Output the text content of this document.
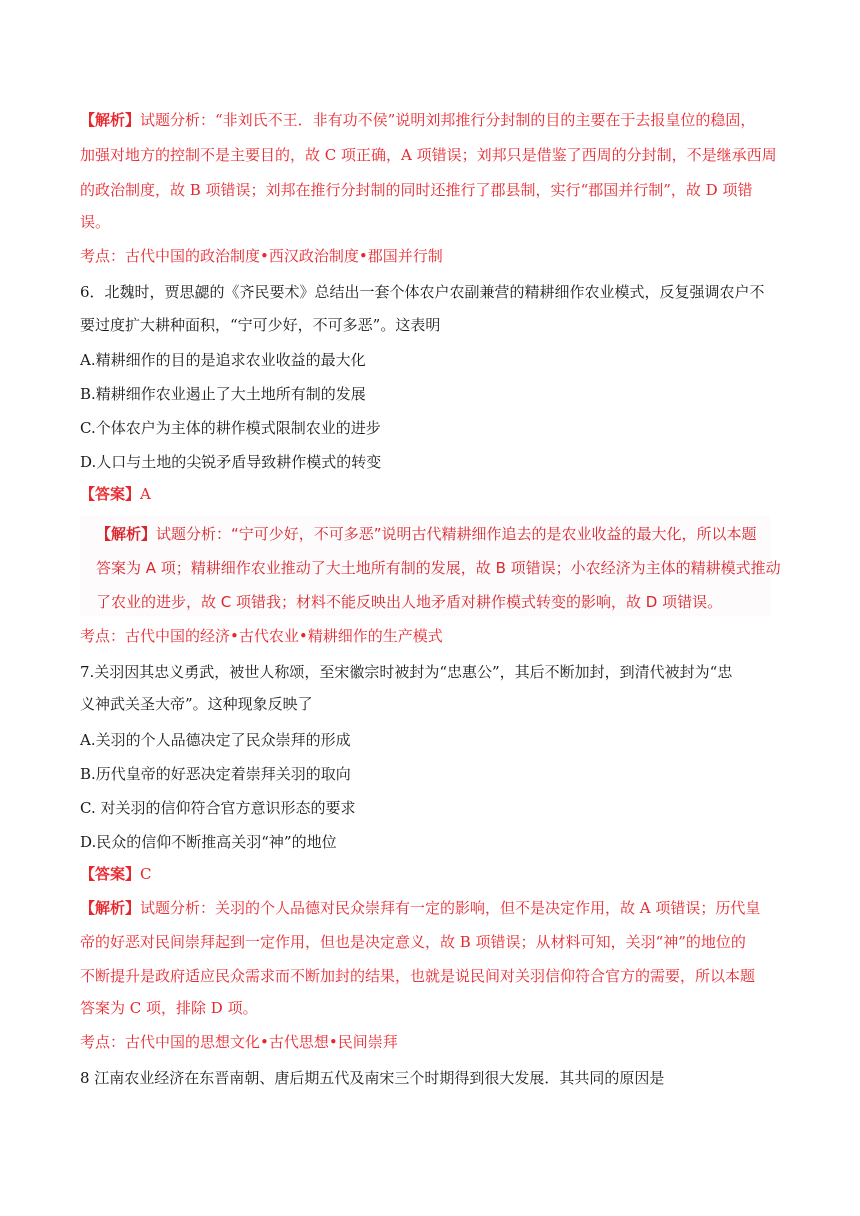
【解析】试题分析：“非刘氏不王．非有功不侯”说明刘邦推行分封制的目的主要在于去报皇位的稳固，
加强对地方的控制不是主要目的，故 C 项正确，A 项错误；刘邦只是借鉴了西周的分封制，不是继承西周
的政治制度，故 B 项错误；刘邦在推行分封制的同时还推行了郡县制，实行“郡国并行制”，故 D 项错
误。
考点：古代中国的政治制度•西汉政治制度•郡国并行制
6．北魏时，贾思勰的《齐民要术》总结出一套个体农户农副兼营的精耕细作农业模式，反复强调农户不
要过度扩大耕种面积，“宁可少好，不可多恶”。这表明
A.精耕细作的目的是追求农业收益的最大化
B.精耕细作农业遏止了大土地所有制的发展
C.个体农户为主体的耕作模式限制农业的进步
D.人口与土地的尖锐矛盾导致耕作模式的转变
【答案】A
【解析】试题分析：“宁可少好，不可多恶”说明古代精耕细作追去的是农业收益的最大化，所以本题
答案为 A 项；精耕细作农业推动了大土地所有制的发展，故 B 项错误；小农经济为主体的精耕模式推动
了农业的进步，故 C 项错我；材料不能反映出人地矛盾对耕作模式转变的影响，故 D 项错误。
考点：古代中国的经济•古代农业•精耕细作的生产模式
7.关羽因其忠义勇武，被世人称颂，至宋徽宗时被封为“忠惠公”，其后不断加封，到清代被封为“忠
义神武关圣大帝”。这种现象反映了
A.关羽的个人品德决定了民众崇拜的形成
B.历代皇帝的好恶决定着崇拜关羽的取向
C. 对关羽的信仰符合官方意识形态的要求
D.民众的信仰不断推高关羽“神”的地位
【答案】C
【解析】试题分析：关羽的个人品德对民众崇拜有一定的影响，但不是决定作用，故 A 项错误；历代皇
帝的好恶对民间崇拜起到一定作用，但也是决定意义，故 B 项错误；从材料可知，关羽“神”的地位的
不断提升是政府适应民众需求而不断加封的结果，也就是说民间对关羽信仰符合官方的需要，所以本题
答案为 C 项，排除 D 项。
考点：古代中国的思想文化•古代思想•民间崇拜
8 江南农业经济在东晋南朝、唐后期五代及南宋三个时期得到很大发展．其共同的原因是
